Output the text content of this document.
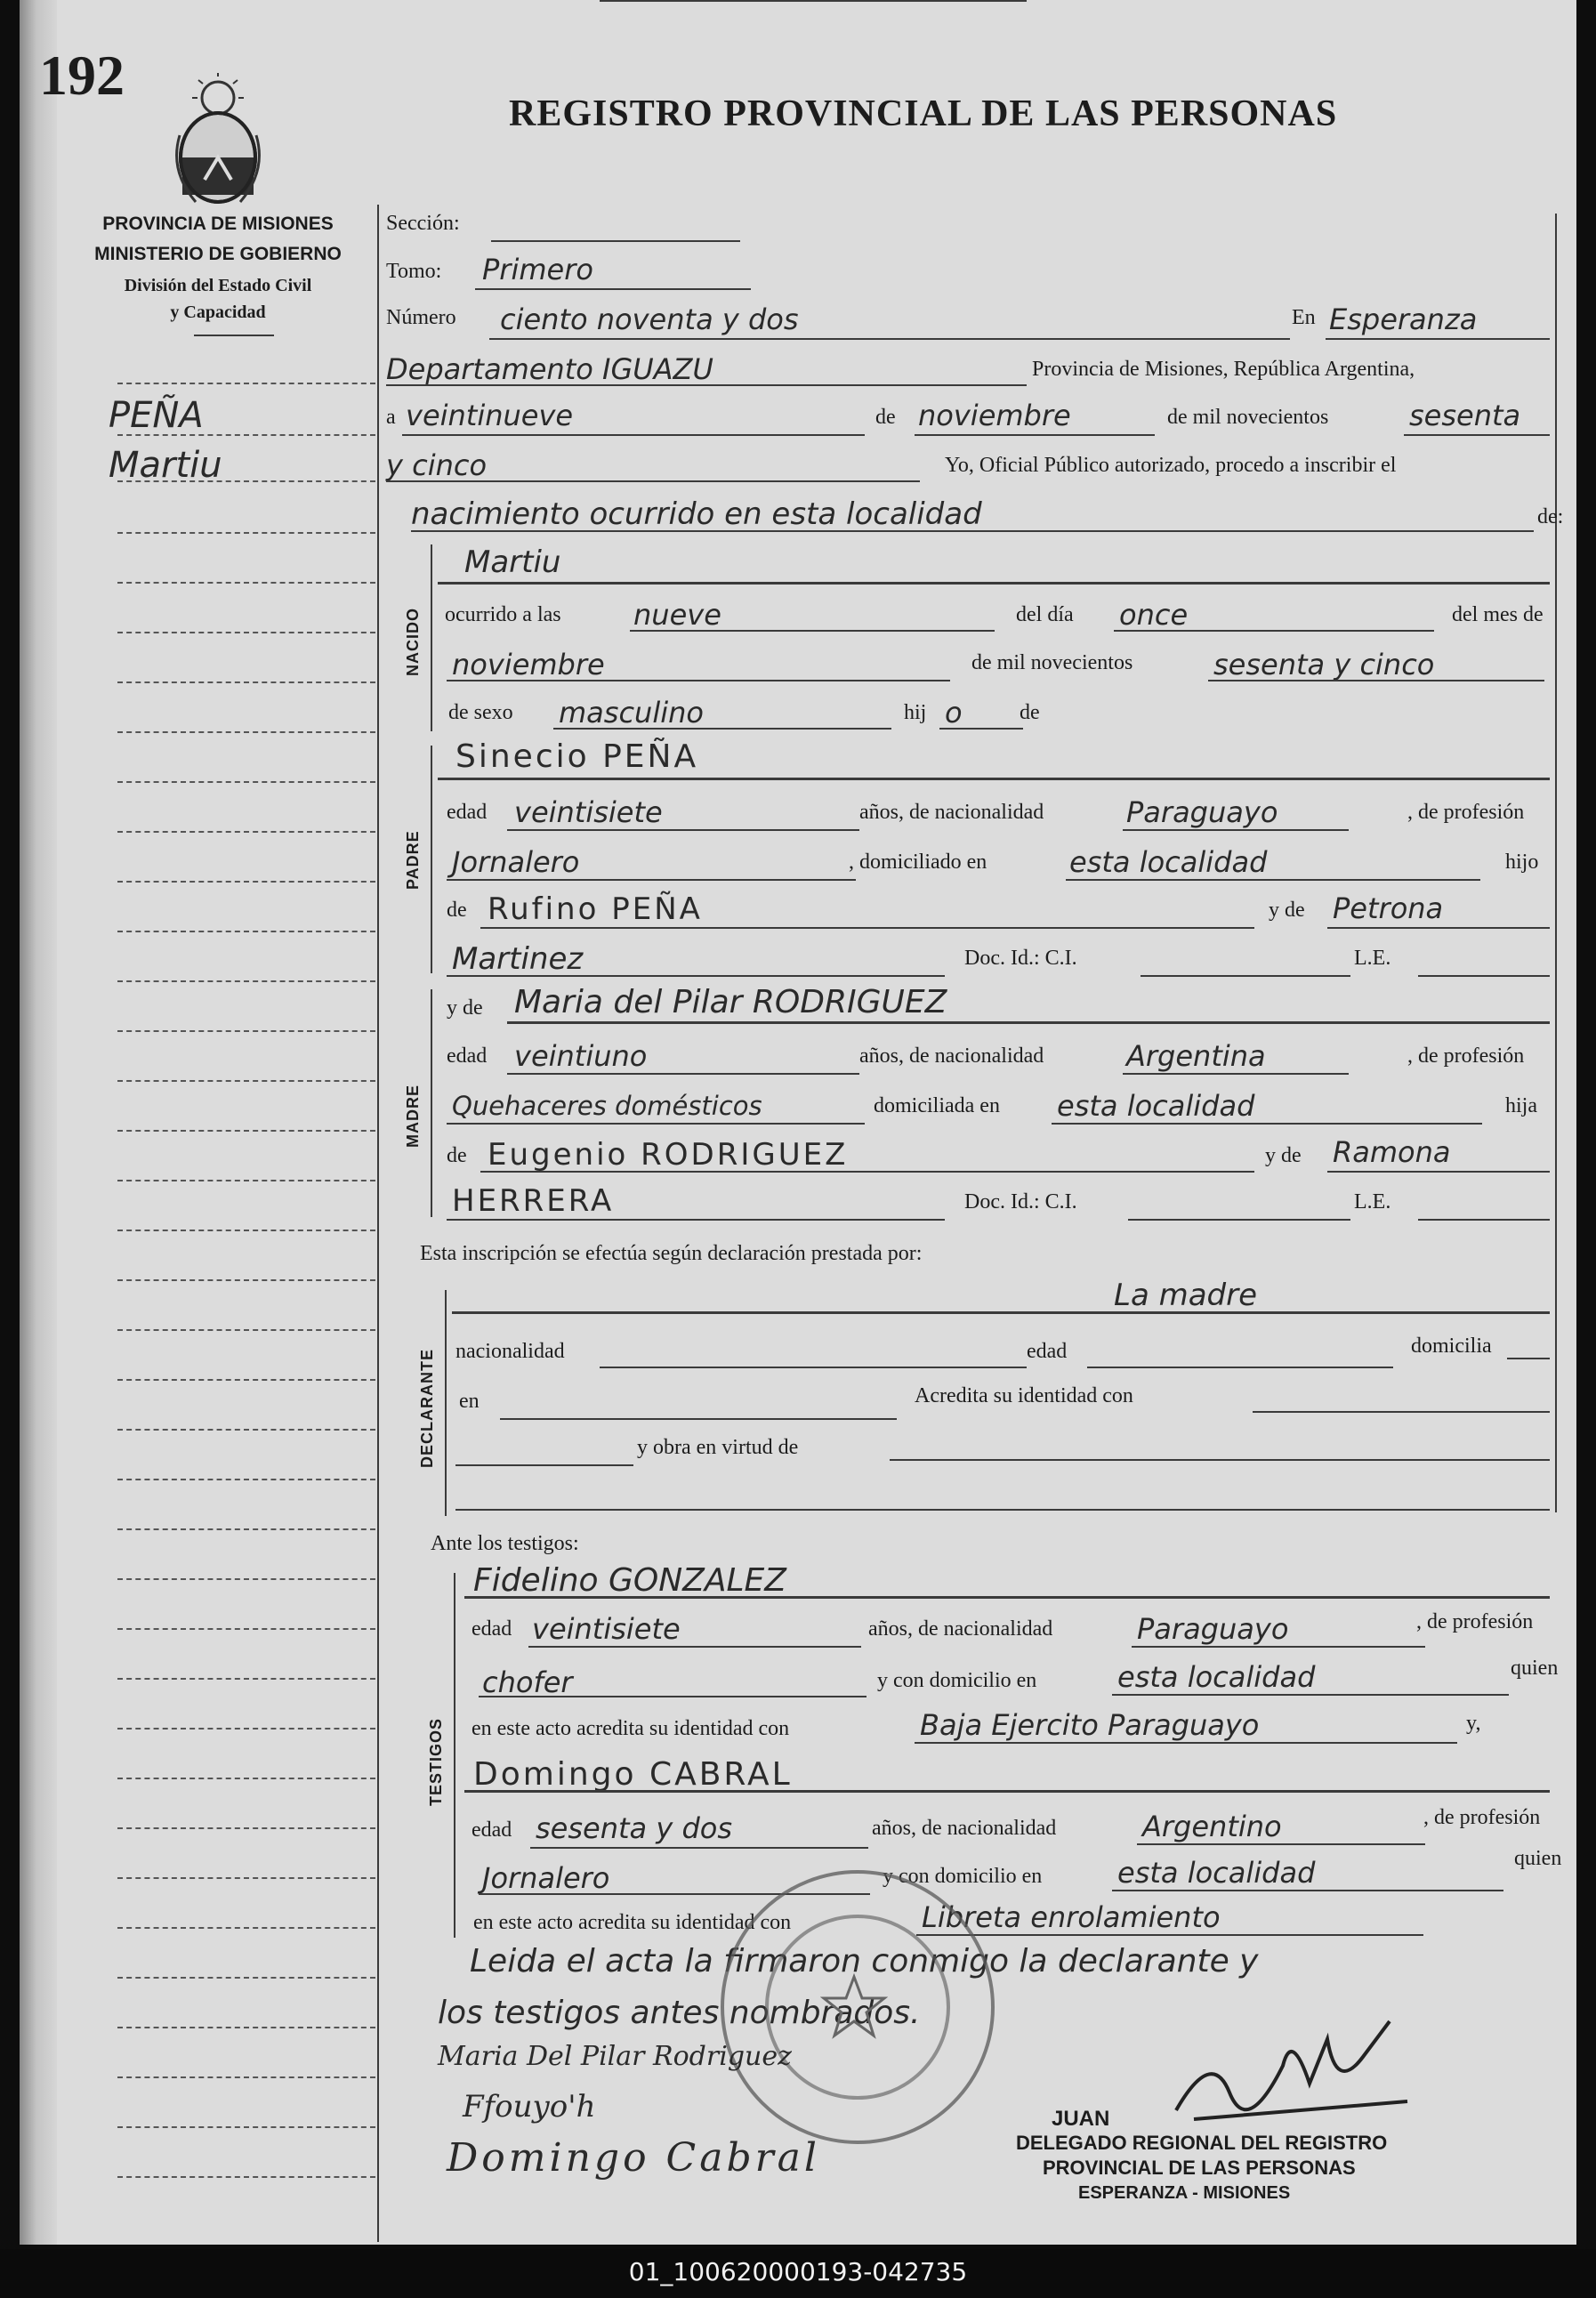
192
REGISTRO PROVINCIAL DE LAS PERSONAS
PROVINCIA DE MISIONES
MINISTERIO DE GOBIERNO
División del Estado Civil
y Capacidad
PEÑA
Martiu
Sección:
Tomo: Primero
Número ciento noventa y dos	En Esperanza
Departamento IGUAZU	Provincia de Misiones, República Argentina,
a veintinueve	de noviembre	de mil novecientos	sesenta
y cinco	Yo, Oficial Público autorizado, procedo a inscribir el
nacimiento ocurrido en esta localidad	de:
NACIDO
Martiu
ocurrido a las	nueve	del día once	del mes de
noviembre	de mil novecientos	sesenta y cinco
de sexo masculino	hij o	de
PADRE
Sinecio PEÑA
edad veintisiete	años, de nacionalidad	Paraguayo	, de profesión
Jornalero	, domiciliado en	esta localidad	hijo
de Rufino PEÑA	y de Petrona
Martinez	Doc. Id.: C.I.	L.E.
MADRE
y de Maria del Pilar RODRIGUEZ
edad veintiuno	años, de nacionalidad	Argentina	, de profesión
Quehaceres domésticos	domiciliada en esta localidad	hija
de Eugenio RODRIGUEZ	y de Ramona
HERRERA	Doc. Id.: C.I.	L.E.
Esta inscripción se efectúa según declaración prestada por:
DECLARANTE
La madre
nacionalidad	edad	domicilia
en	Acredita su identidad con
y obra en virtud de
Ante los testigos:
TESTIGOS
Fidelino GONZALEZ
edad veintisiete	años, de nacionalidad	Paraguayo	, de profesión
chofer	y con domicilio en	esta localidad	quien
en este acto acredita su identidad con	Baja Ejercito Paraguayo	y,
Domingo CABRAL
edad sesenta y dos	años, de nacionalidad	Argentino	, de profesión
Jornalero	y con domicilio en	esta localidad	quien
en este acto acredita su identidad con	Libreta enrolamiento
Leida el acta la firmaron conmigo la declarante y
los testigos antes nombrados.
Maria Del Pilar Rodriguez
Ffouyo'h
Domingo Cabral
JUAN
DELEGADO REGIONAL DEL REGISTRO
PROVINCIAL DE LAS PERSONAS
ESPERANZA - MISIONES
01_100620000193-042735
